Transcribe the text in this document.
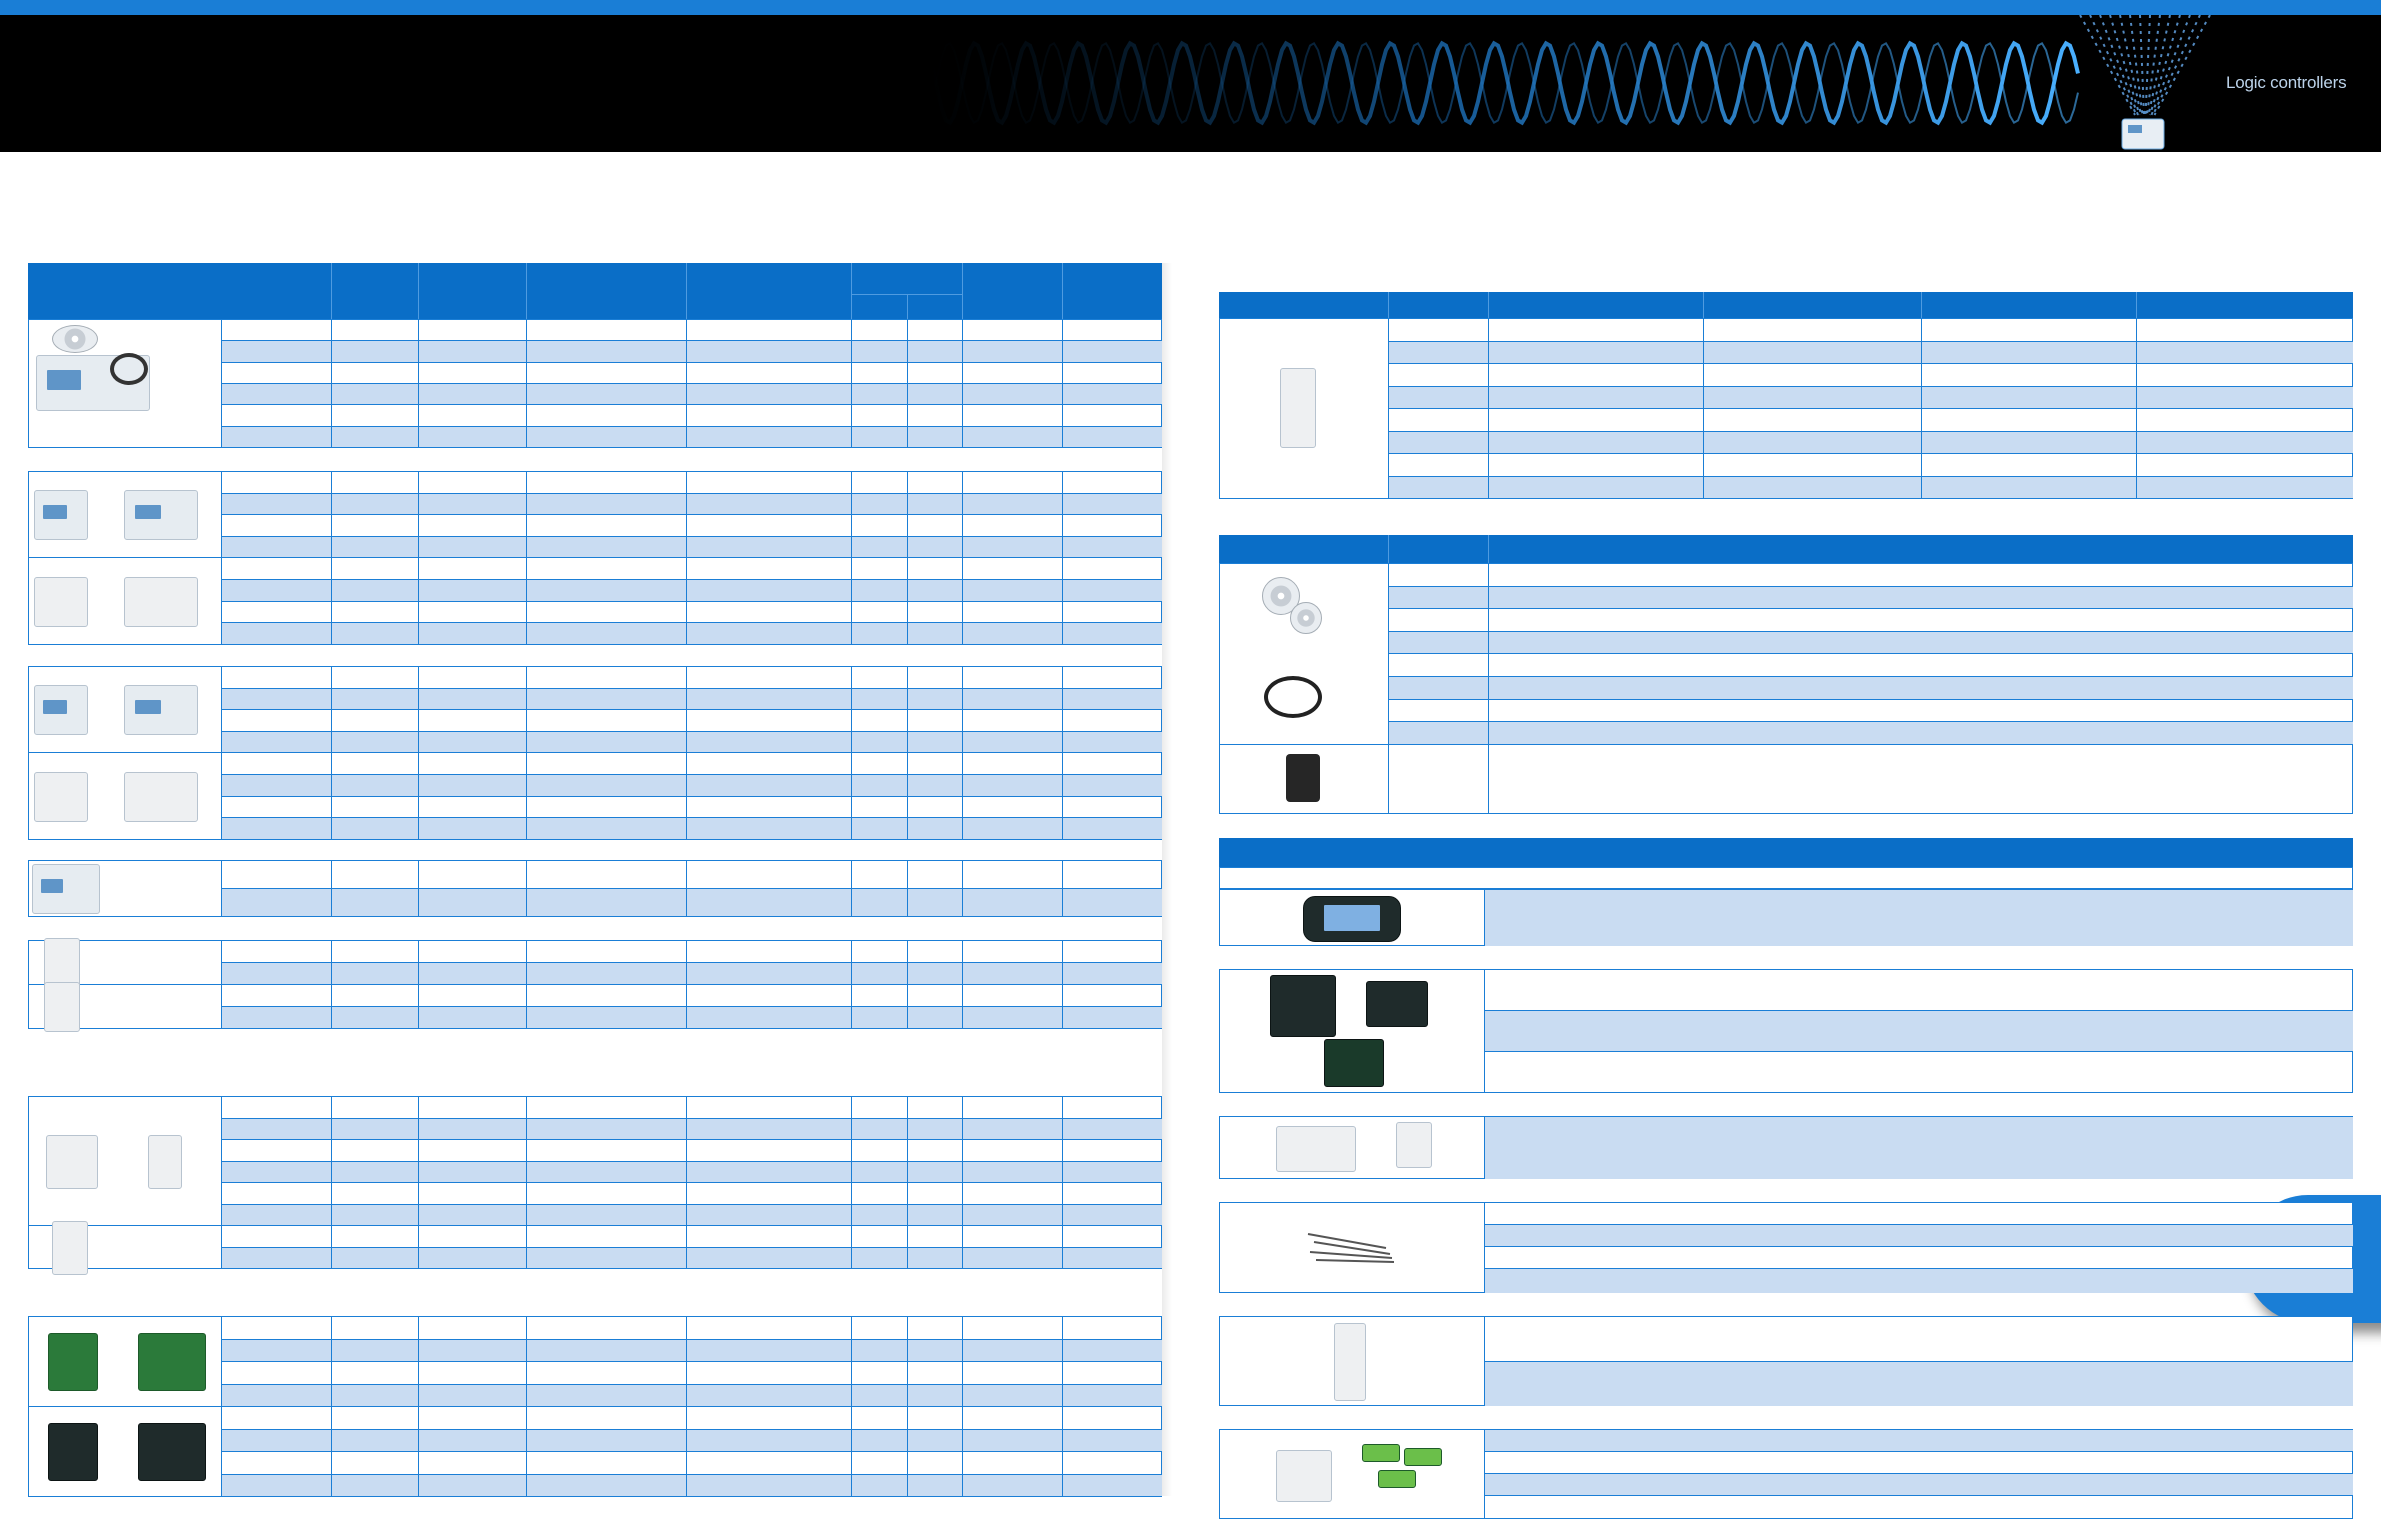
Logic controllers
